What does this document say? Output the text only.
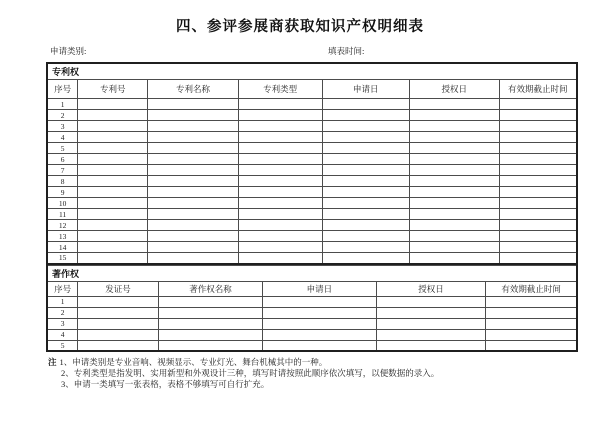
四、参评参展商获取知识产权明细表
申请类别:	填表时间:
专利权						
序号	专利号	专利名称	专利类型	申请日	授权日	有效期截止时间
1						
2						
3						
4						
5						
6						
7						
8						
9						
10						
11						
12						
13						
14						
15						
著作权					
序号	发证号	著作权名称	申请日	授权日	有效期截止时间
1					
2					
3					
4					
5					
注 1、申请类别是专业音响、视频显示、专业灯光、舞台机械其中的一种。
2、专利类型是指发明、实用新型和外观设计三种，填写时请按照此顺序依次填写，以便数据的录入。
3、申请一类填写一张表格，表格不够填写可自行扩充。
